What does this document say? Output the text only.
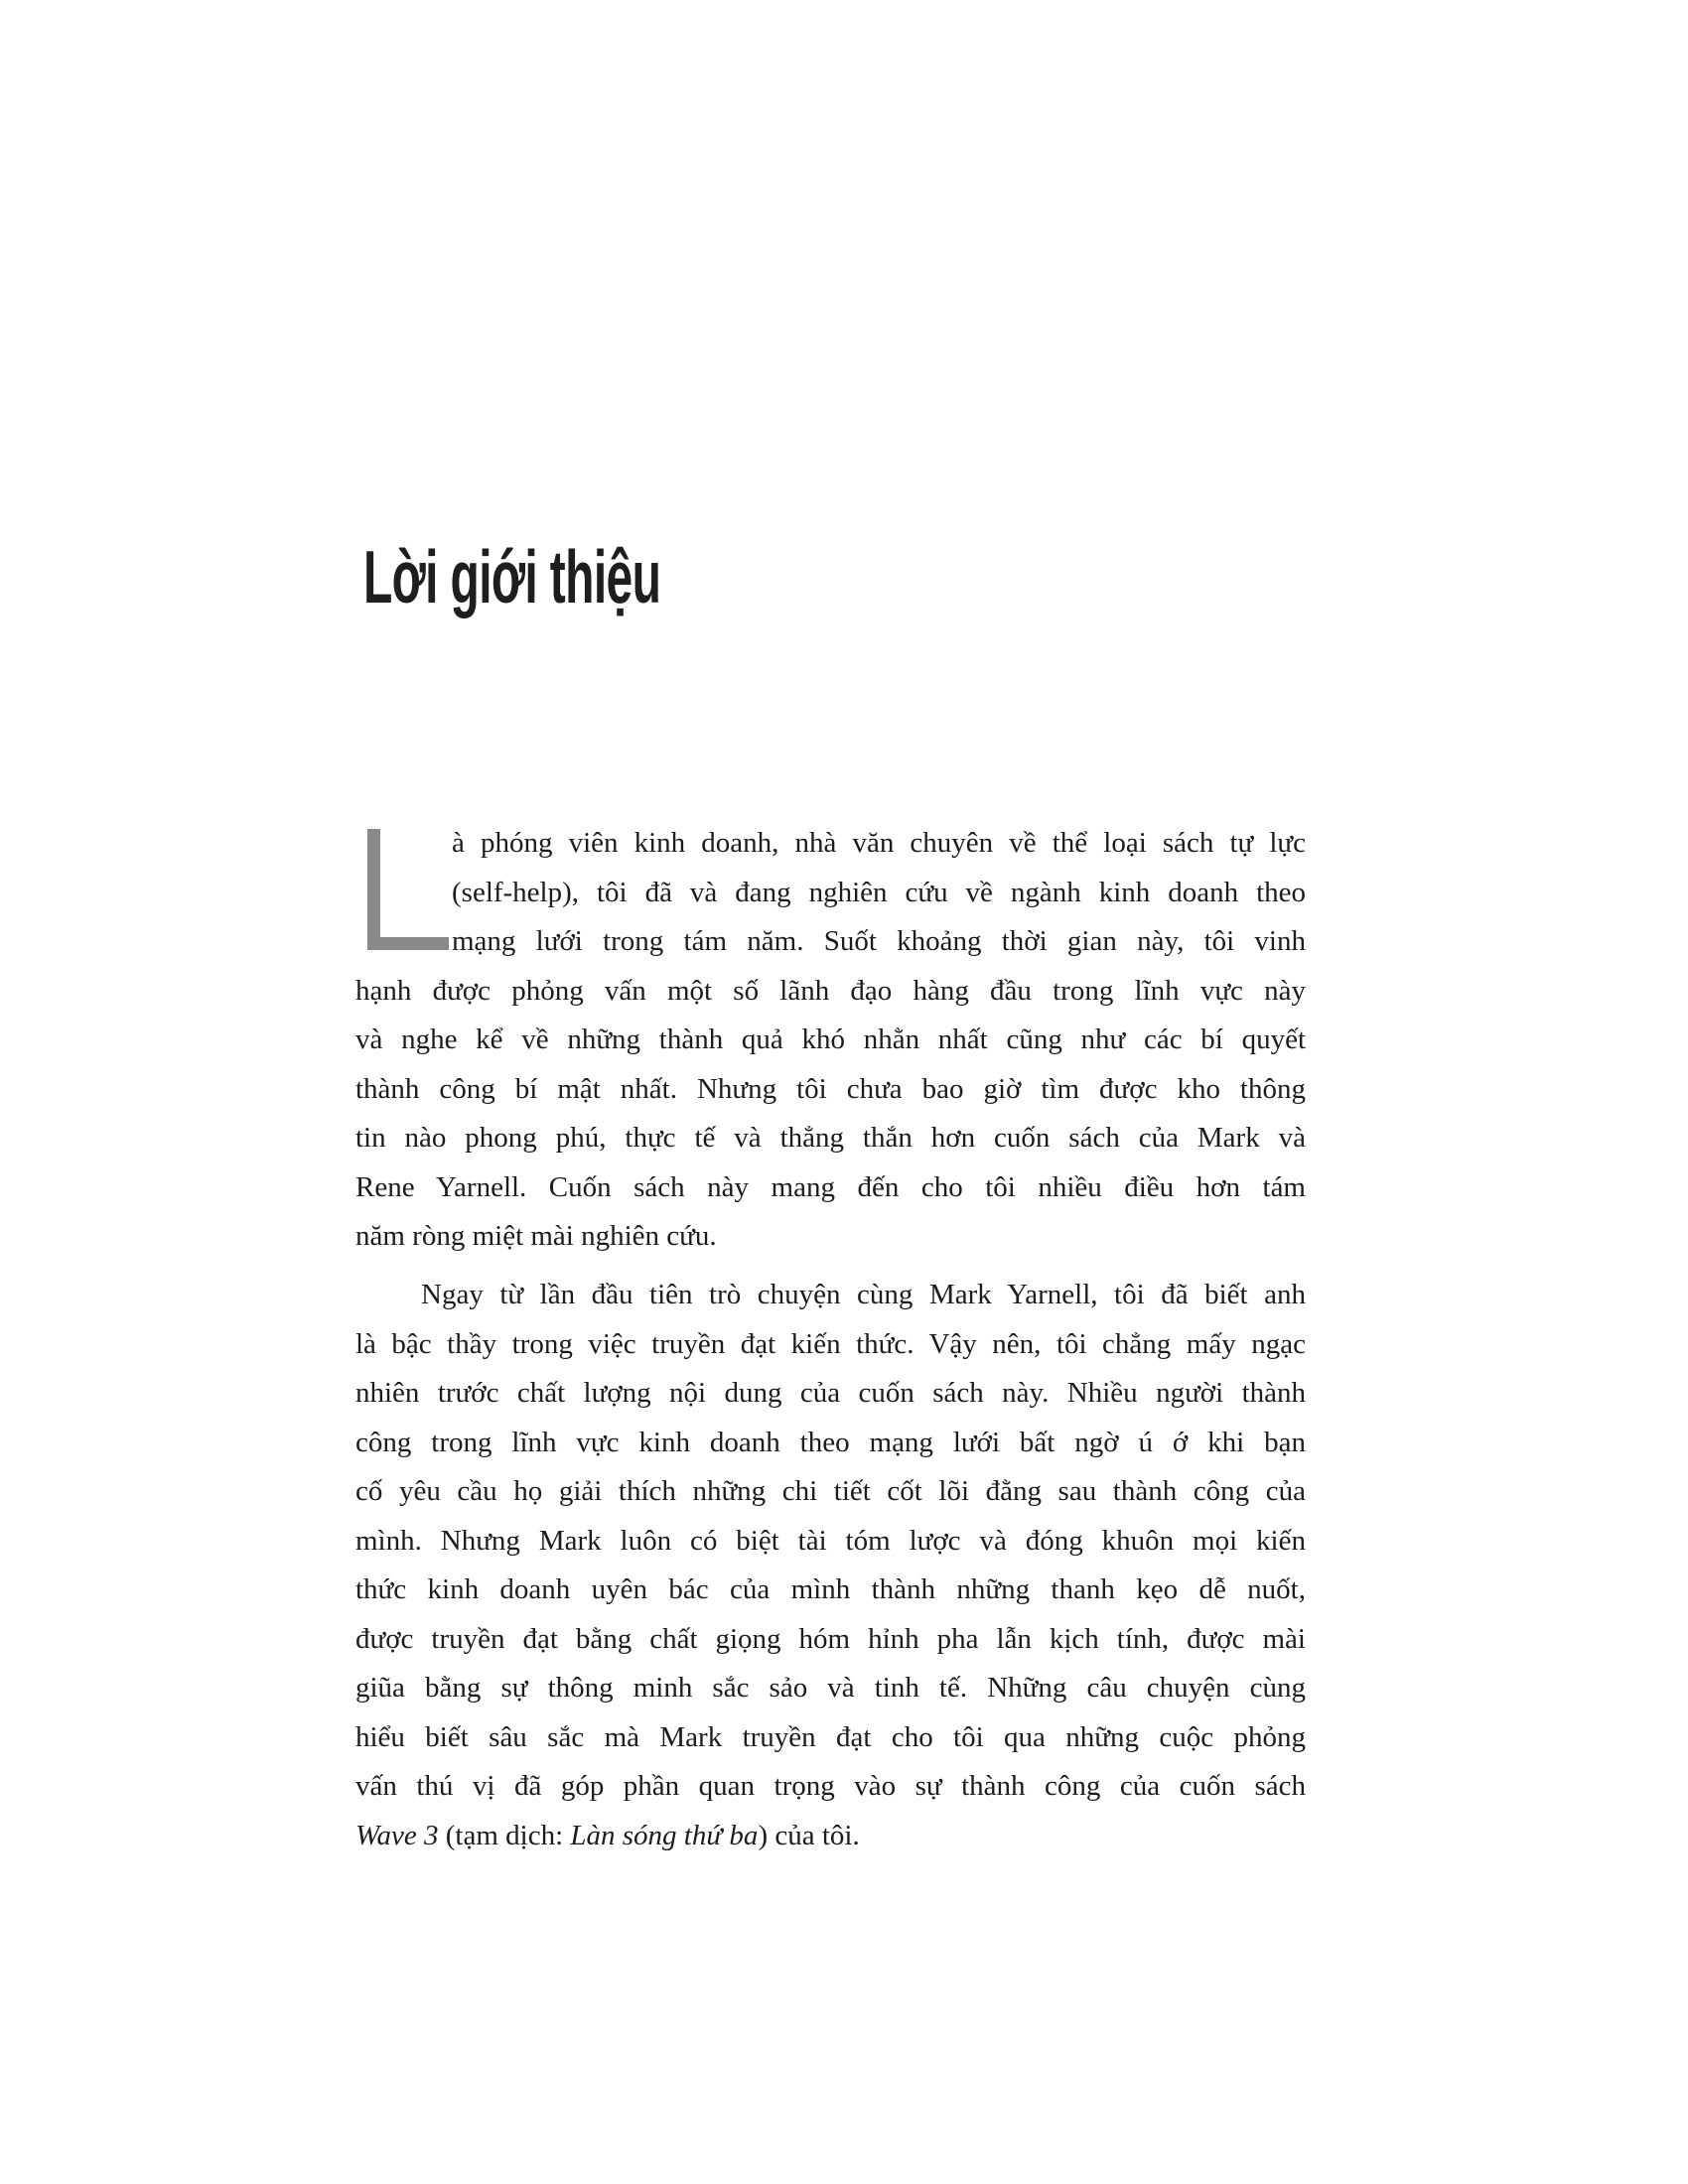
Lời giới thiệu
à phóng viên kinh doanh, nhà văn chuyên về thể loại sách tự lực
(self-help), tôi đã và đang nghiên cứu về ngành kinh doanh theo
mạng lưới trong tám năm. Suốt khoảng thời gian này, tôi vinh
hạnh được phỏng vấn một số lãnh đạo hàng đầu trong lĩnh vực này
và nghe kể về những thành quả khó nhằn nhất cũng như các bí quyết
thành công bí mật nhất. Nhưng tôi chưa bao giờ tìm được kho thông
tin nào phong phú, thực tế và thẳng thắn hơn cuốn sách của Mark và
Rene Yarnell. Cuốn sách này mang đến cho tôi nhiều điều hơn tám
năm ròng miệt mài nghiên cứu.
Ngay từ lần đầu tiên trò chuyện cùng Mark Yarnell, tôi đã biết anh
là bậc thầy trong việc truyền đạt kiến thức. Vậy nên, tôi chẳng mấy ngạc
nhiên trước chất lượng nội dung của cuốn sách này. Nhiều người thành
công trong lĩnh vực kinh doanh theo mạng lưới bất ngờ ú ớ khi bạn
cố yêu cầu họ giải thích những chi tiết cốt lõi đằng sau thành công của
mình. Nhưng Mark luôn có biệt tài tóm lược và đóng khuôn mọi kiến
thức kinh doanh uyên bác của mình thành những thanh kẹo dễ nuốt,
được truyền đạt bằng chất giọng hóm hỉnh pha lẫn kịch tính, được mài
giũa bằng sự thông minh sắc sảo và tinh tế. Những câu chuyện cùng
hiểu biết sâu sắc mà Mark truyền đạt cho tôi qua những cuộc phỏng
vấn thú vị đã góp phần quan trọng vào sự thành công của cuốn sách
Wave 3 (tạm dịch: Làn sóng thứ ba) của tôi.
